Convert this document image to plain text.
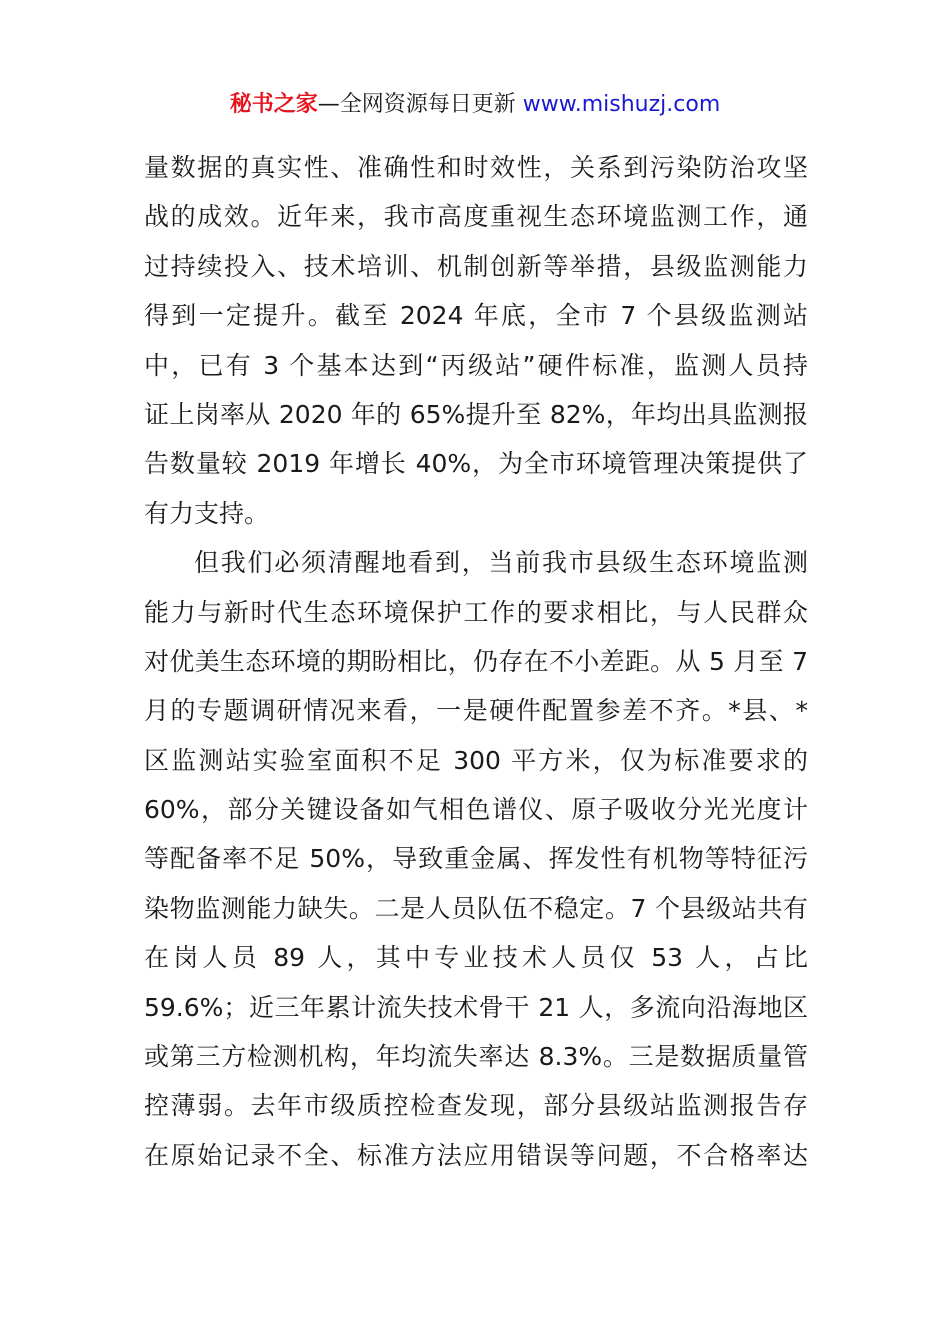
秘书之家—全网资源每日更新 www.mishuzj.com
量数据的真实性、准确性和时效性，关系到污染防治攻坚
战的成效。近年来，我市高度重视生态环境监测工作，通
过持续投入、技术培训、机制创新等举措，县级监测能力
得到一定提升。截至 2024 年底，全市 7 个县级监测站
中，已有 3 个基本达到“丙级站”硬件标准，监测人员持
证上岗率从 2020 年的 65%提升至 82%，年均出具监测报
告数量较 2019 年增长 40%，为全市环境管理决策提供了
有力支持。
但我们必须清醒地看到，当前我市县级生态环境监测
能力与新时代生态环境保护工作的要求相比，与人民群众
对优美生态环境的期盼相比，仍存在不小差距。从 5 月至 7
月的专题调研情况来看，一是硬件配置参差不齐。*县、*
区监测站实验室面积不足 300 平方米，仅为标准要求的
60%，部分关键设备如气相色谱仪、原子吸收分光光度计
等配备率不足 50%，导致重金属、挥发性有机物等特征污
染物监测能力缺失。二是人员队伍不稳定。7 个县级站共有
在岗人员 89 人，其中专业技术人员仅 53 人，占比
59.6%；近三年累计流失技术骨干 21 人，多流向沿海地区
或第三方检测机构，年均流失率达 8.3%。三是数据质量管
控薄弱。去年市级质控检查发现，部分县级站监测报告存
在原始记录不全、标准方法应用错误等问题，不合格率达
